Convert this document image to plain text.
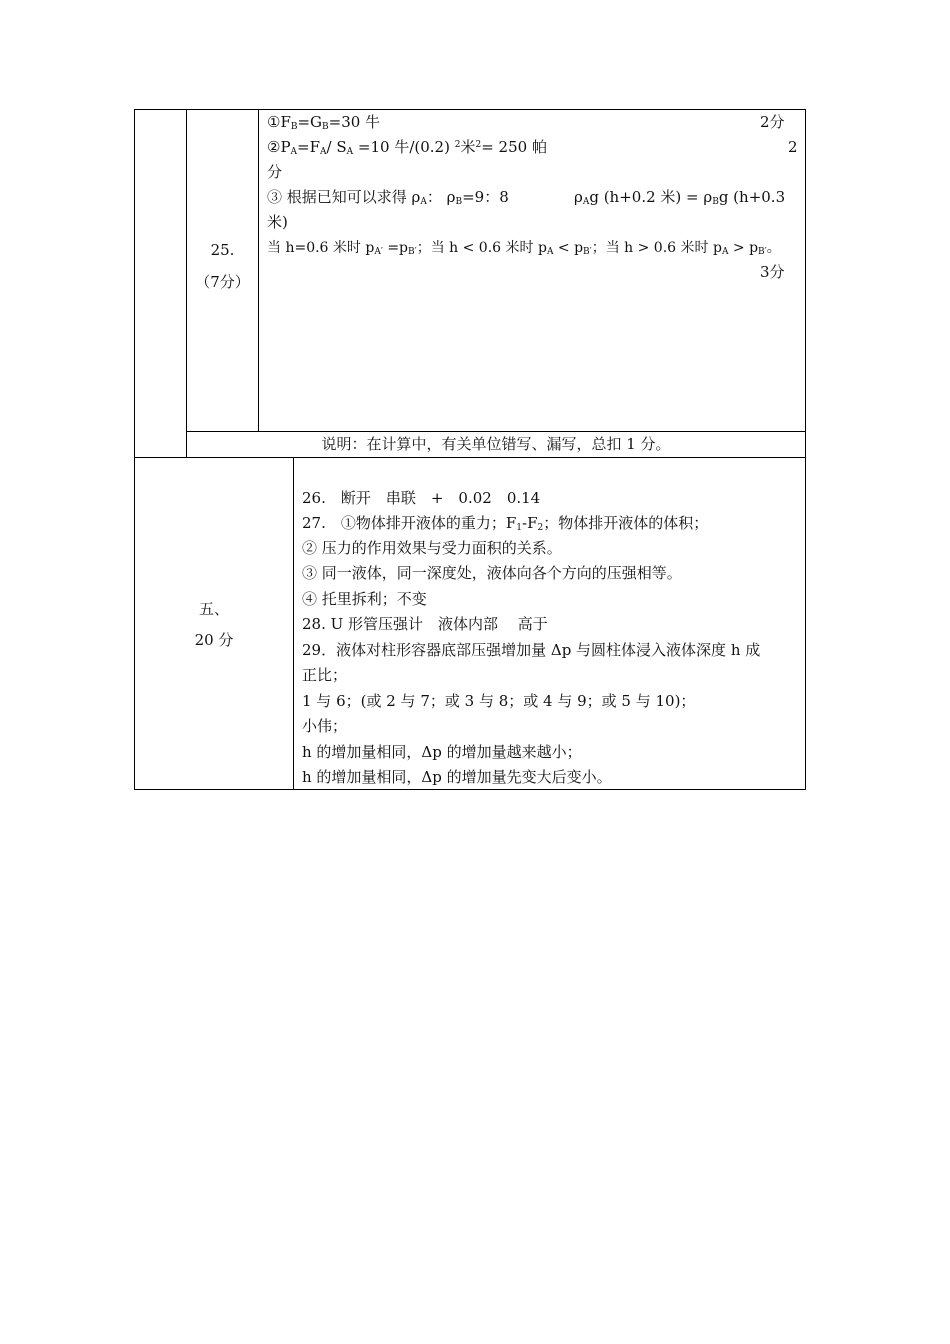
25.
（7分）
$①F_B=G_B=30$ 牛	2分
$②P_A=F_A/$ $S_A =10$ 牛/(0.2) $^2$米$^2$= 250 帕	2
分
③ 根据已知可以求得 $\rho_A$： $\rho_B=9$：8	$\rho_Ag$ (h+0.2 米) = $\rho_Bg$ (h+0.3
米)
当 h=0.6 米时 $p_{A'} =p_{B'}$；当 h < 0.6 米时 $p_A < p_{B'}$；当 h > 0.6 米时 $p_A > p_{B'}$。
3分
说明：在计算中，有关单位错写、漏写，总扣 1 分。
五、
20 分
26.　断开　串联　+　0.02　0.14
27.　①物体排开液体的重力；$F_1-F_2$；物体排开液体的体积；
② 压力的作用效果与受力面积的关系。
③ 同一液体，同一深度处，液体向各个方向的压强相等。
④ 托里拆利；不变
28. U 形管压强计　液体内部　 高于
29．液体对柱形容器底部压强增加量 Δp 与圆柱体浸入液体深度 h 成
正比；
1 与 6；(或 2 与 7；或 3 与 8；或 4 与 9；或 5 与 10)；
小伟；
h 的增加量相同，Δp 的增加量越来越小；
h 的增加量相同，Δp 的增加量先变大后变小。
